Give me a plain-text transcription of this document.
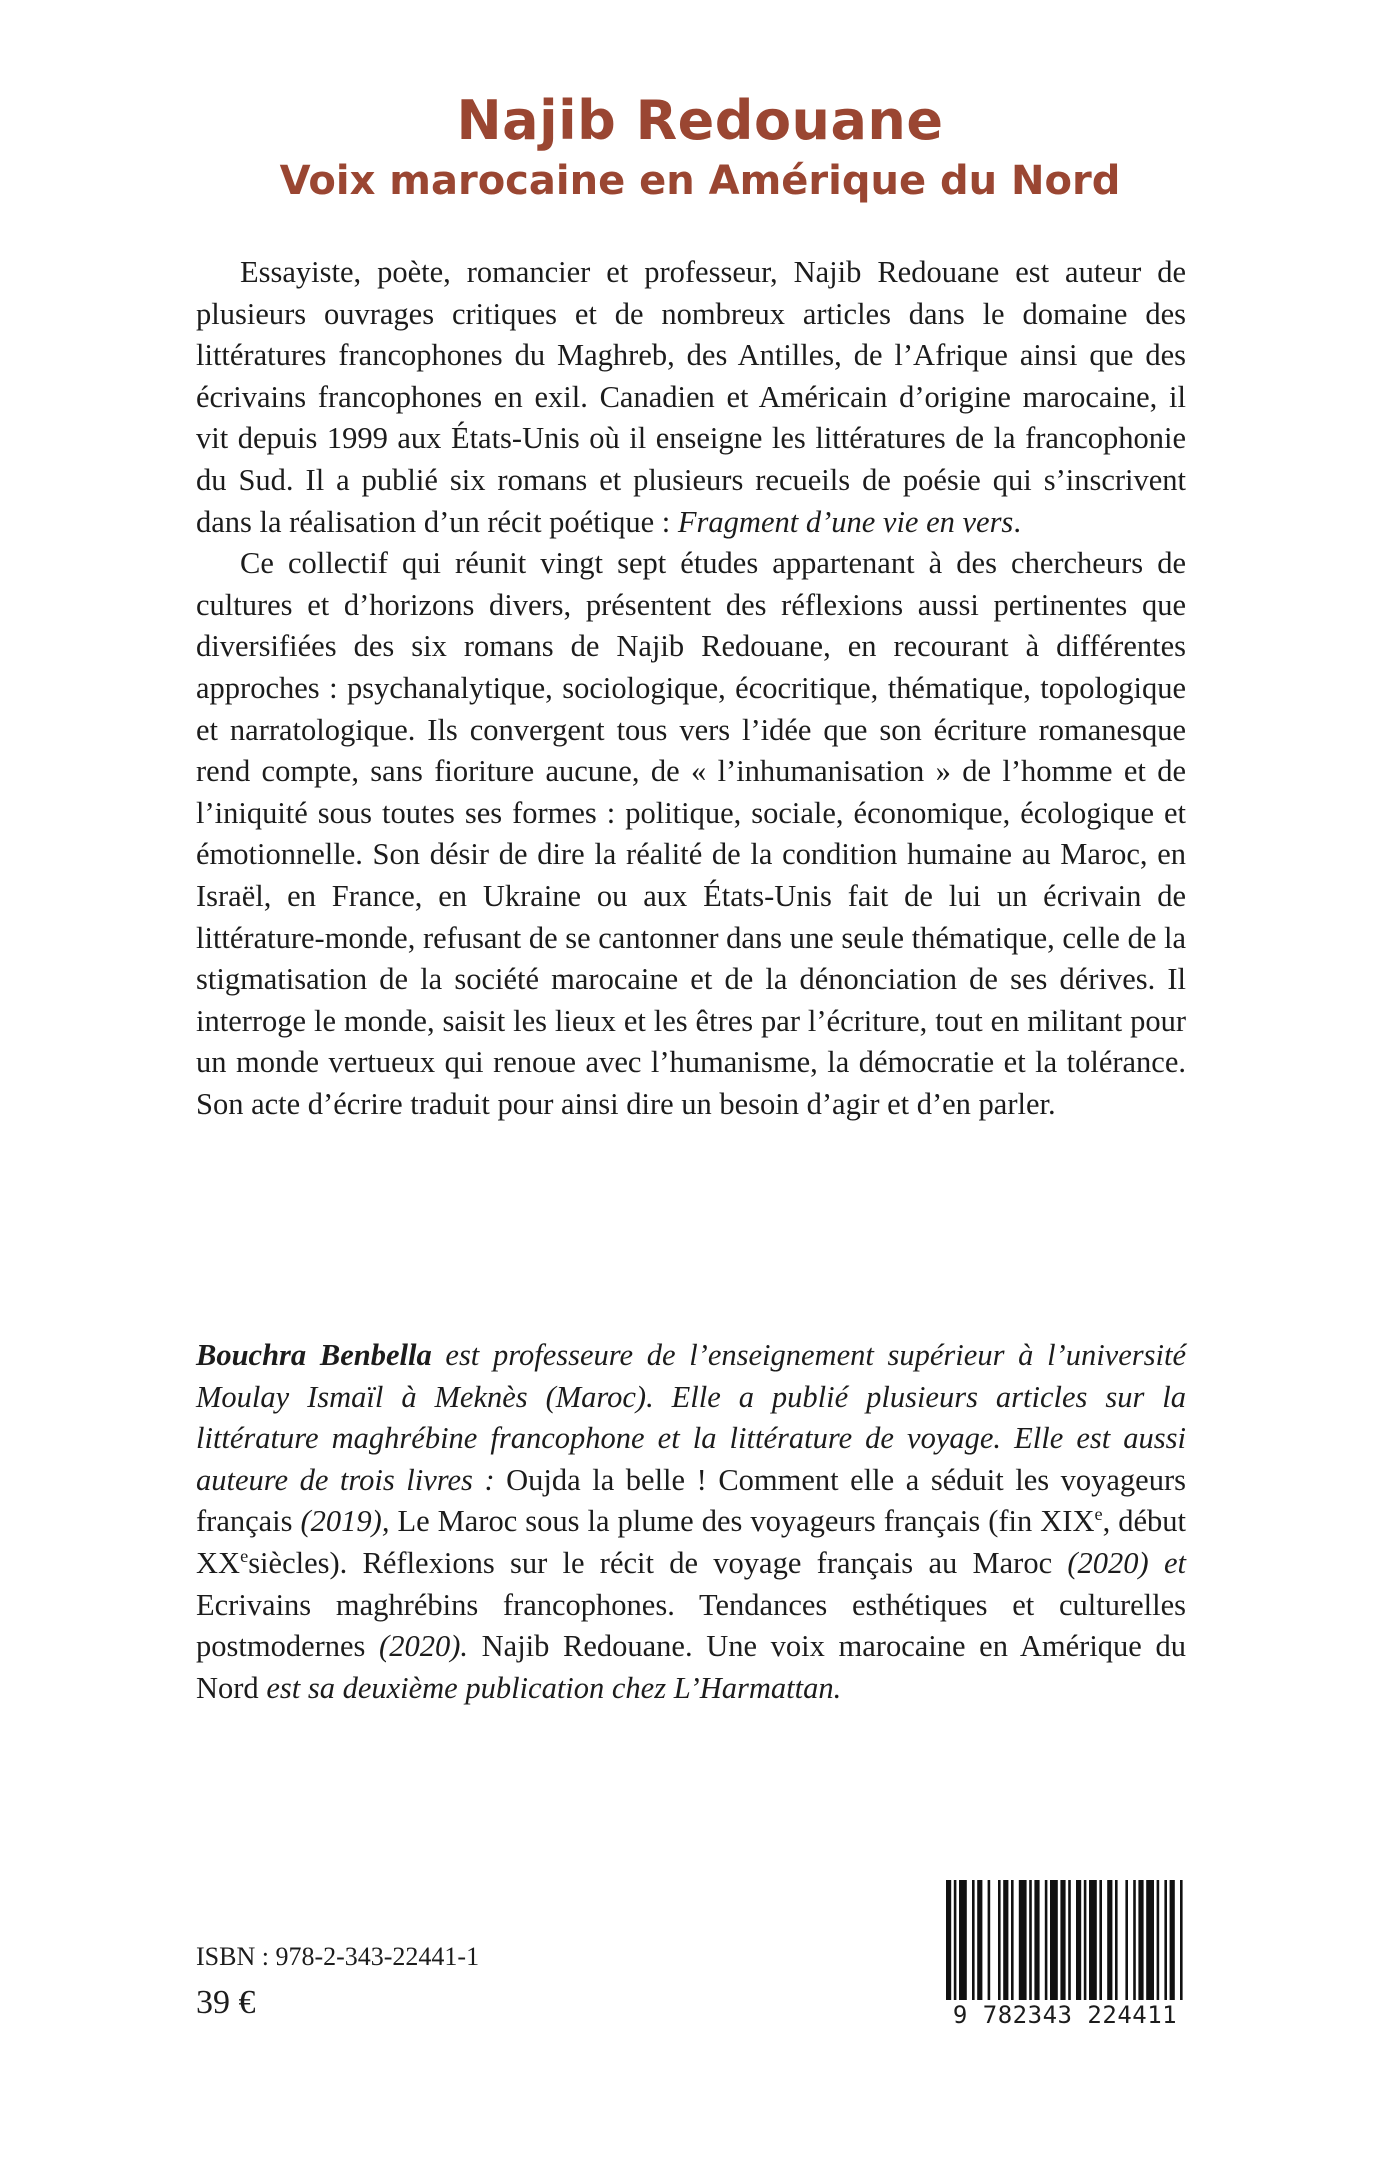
Najib Redouane
Voix marocaine en Amérique du Nord

Essayiste, poète, romancier et professeur, Najib Redouane est auteur de plusieurs ouvrages critiques et de nombreux articles dans le domaine des littératures francophones du Maghreb, des Antilles, de l’Afrique ainsi que des écrivains francophones en exil. Canadien et Américain d’origine marocaine, il vit depuis 1999 aux États-Unis où il enseigne les littératures de la francophonie du Sud. Il a publié six romans et plusieurs recueils de poésie qui s’inscrivent dans la réalisation d’un récit poétique : Fragment d’une vie en vers.

Ce collectif qui réunit vingt sept études appartenant à des chercheurs de cultures et d’horizons divers, présentent des réflexions aussi pertinentes que diversifiées des six romans de Najib Redouane, en recourant à différentes approches : psychanalytique, sociologique, écocritique, thématique, topologique et narratologique. Ils convergent tous vers l’idée que son écriture romanesque rend compte, sans fioriture aucune, de « l’inhumanisation » de l’homme et de l’iniquité sous toutes ses formes : politique, sociale, économique, écologique et émotionnelle. Son désir de dire la réalité de la condition humaine au Maroc, en Israël, en France, en Ukraine ou aux États-Unis fait de lui un écrivain de littérature-monde, refusant de se cantonner dans une seule thématique, celle de la stigmatisation de la société marocaine et de la dénonciation de ses dérives. Il interroge le monde, saisit les lieux et les êtres par l’écriture, tout en militant pour un monde vertueux qui renoue avec l’humanisme, la démocratie et la tolérance. Son acte d’écrire traduit pour ainsi dire un besoin d’agir et d’en parler.

Bouchra Benbella est professeure de l’enseignement supérieur à l’université Moulay Ismaïl à Meknès (Maroc). Elle a publié plusieurs articles sur la littérature maghrébine francophone et la littérature de voyage. Elle est aussi auteure de trois livres : Oujda la belle ! Comment elle a séduit les voyageurs français (2019), Le Maroc sous la plume des voyageurs français (fin XIXe, début XXesiècles). Réflexions sur le récit de voyage français au Maroc (2020) et Ecrivains maghrébins francophones. Tendances esthétiques et culturelles postmodernes (2020). Najib Redouane. Une voix marocaine en Amérique du Nord est sa deuxième publication chez L’Harmattan.

ISBN : 978-2-343-22441-1
39 €	9 782343 224411
